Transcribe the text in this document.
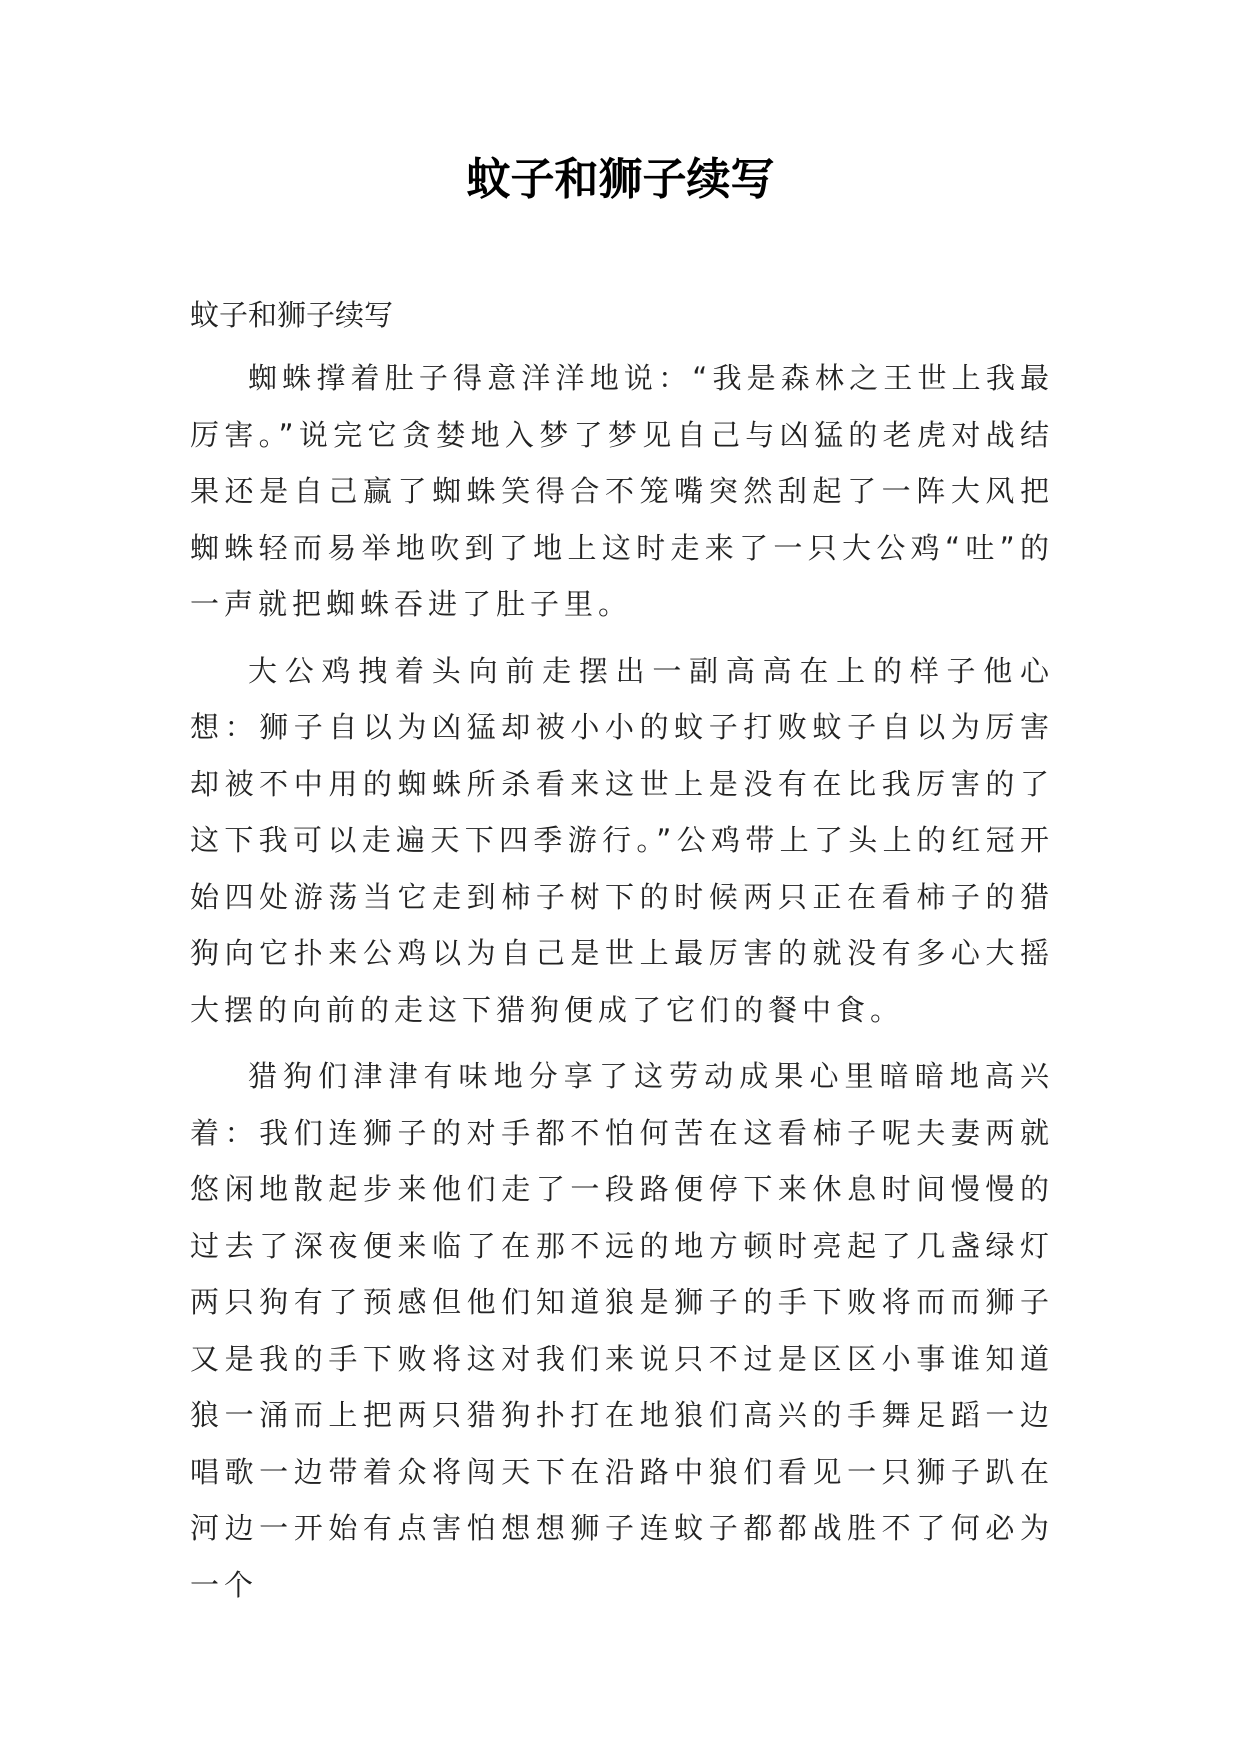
蚊子和狮子续写

蚊子和狮子续写

蜘蛛撑着肚子得意洋洋地说：“我是森林之王世上我最厉害。”说完它贪婪地入梦了梦见自己与凶猛的老虎对战结果还是自己赢了蜘蛛笑得合不笼嘴突然刮起了一阵大风把蜘蛛轻而易举地吹到了地上这时走来了一只大公鸡“吐”的一声就把蜘蛛吞进了肚子里。

大公鸡拽着头向前走摆出一副高高在上的样子他心想：狮子自以为凶猛却被小小的蚊子打败蚊子自以为厉害却被不中用的蜘蛛所杀看来这世上是没有在比我厉害的了这下我可以走遍天下四季游行。”公鸡带上了头上的红冠开始四处游荡当它走到柿子树下的时候两只正在看柿子的猎狗向它扑来公鸡以为自己是世上最厉害的就没有多心大摇大摆的向前的走这下猎狗便成了它们的餐中食。

猎狗们津津有味地分享了这劳动成果心里暗暗地高兴着：我们连狮子的对手都不怕何苦在这看柿子呢夫妻两就悠闲地散起步来他们走了一段路便停下来休息时间慢慢的过去了深夜便来临了在那不远的地方顿时亮起了几盏绿灯两只狗有了预感但他们知道狼是狮子的手下败将而而狮子又是我的手下败将这对我们来说只不过是区区小事谁知道狼一涌而上把两只猎狗扑打在地狼们高兴的手舞足蹈一边唱歌一边带着众将闯天下在沿路中狼们看见一只狮子趴在河边一开始有点害怕想想狮子连蚊子都都战胜不了何必为一个
